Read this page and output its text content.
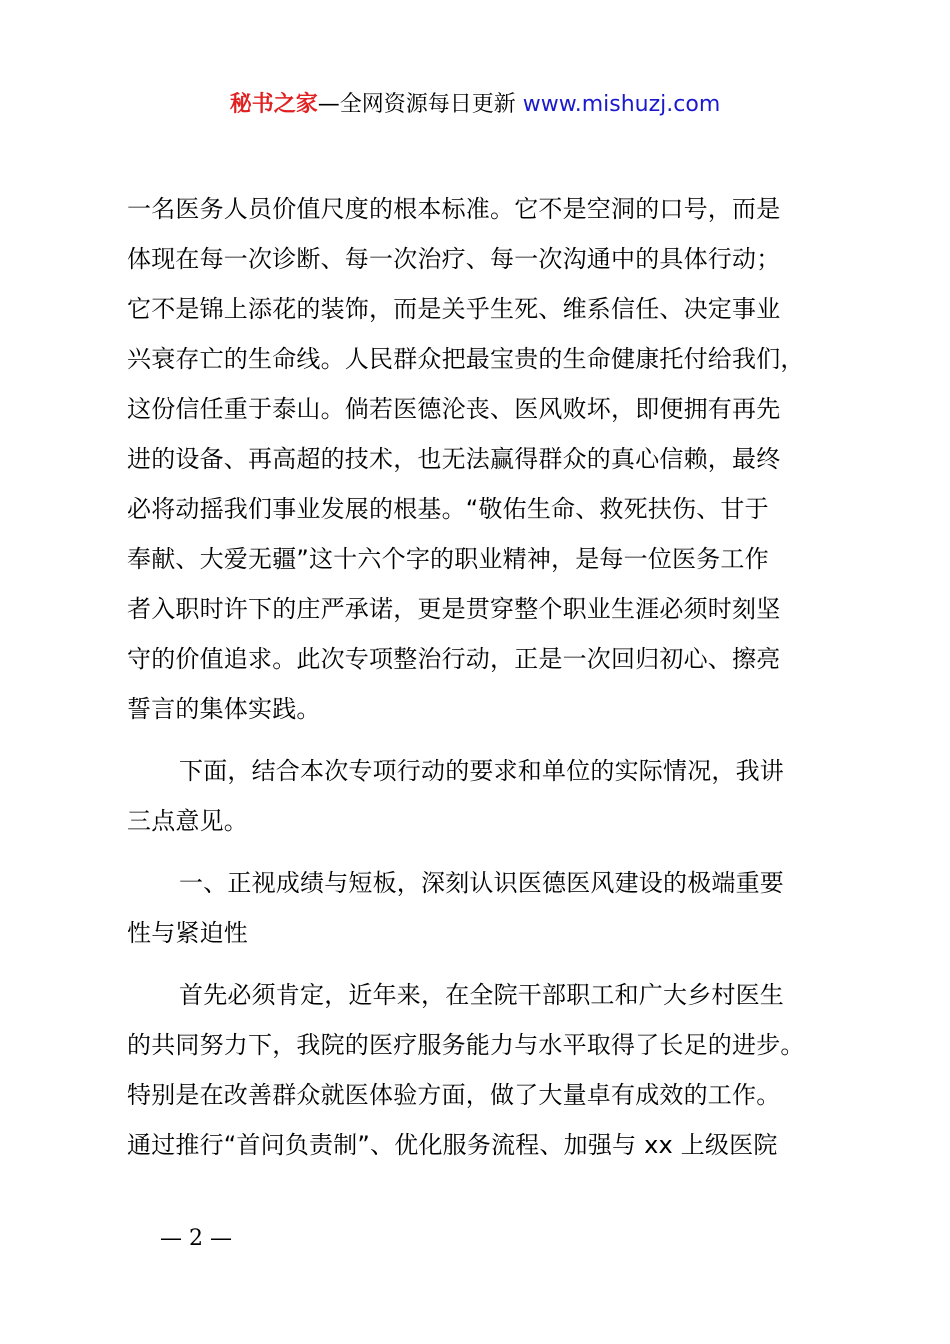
秘书之家—全网资源每日更新 www.mishuzj.com
一名医务人员价值尺度的根本标准。它不是空洞的口号，而是
体现在每一次诊断、每一次治疗、每一次沟通中的具体行动；
它不是锦上添花的装饰，而是关乎生死、维系信任、决定事业
兴衰存亡的生命线。人民群众把最宝贵的生命健康托付给我们，
这份信任重于泰山。倘若医德沦丧、医风败坏，即便拥有再先
进的设备、再高超的技术，也无法赢得群众的真心信赖，最终
必将动摇我们事业发展的根基。“敬佑生命、救死扶伤、甘于
奉献、大爱无疆”这十六个字的职业精神，是每一位医务工作
者入职时许下的庄严承诺，更是贯穿整个职业生涯必须时刻坚
守的价值追求。此次专项整治行动，正是一次回归初心、擦亮
誓言的集体实践。
下面，结合本次专项行动的要求和单位的实际情况，我讲
三点意见。
一、正视成绩与短板，深刻认识医德医风建设的极端重要
性与紧迫性
首先必须肯定，近年来，在全院干部职工和广大乡村医生
的共同努力下，我院的医疗服务能力与水平取得了长足的进步。
特别是在改善群众就医体验方面，做了大量卓有成效的工作。
通过推行“首问负责制”、优化服务流程、加强与 xx 上级医院
— 2 —
